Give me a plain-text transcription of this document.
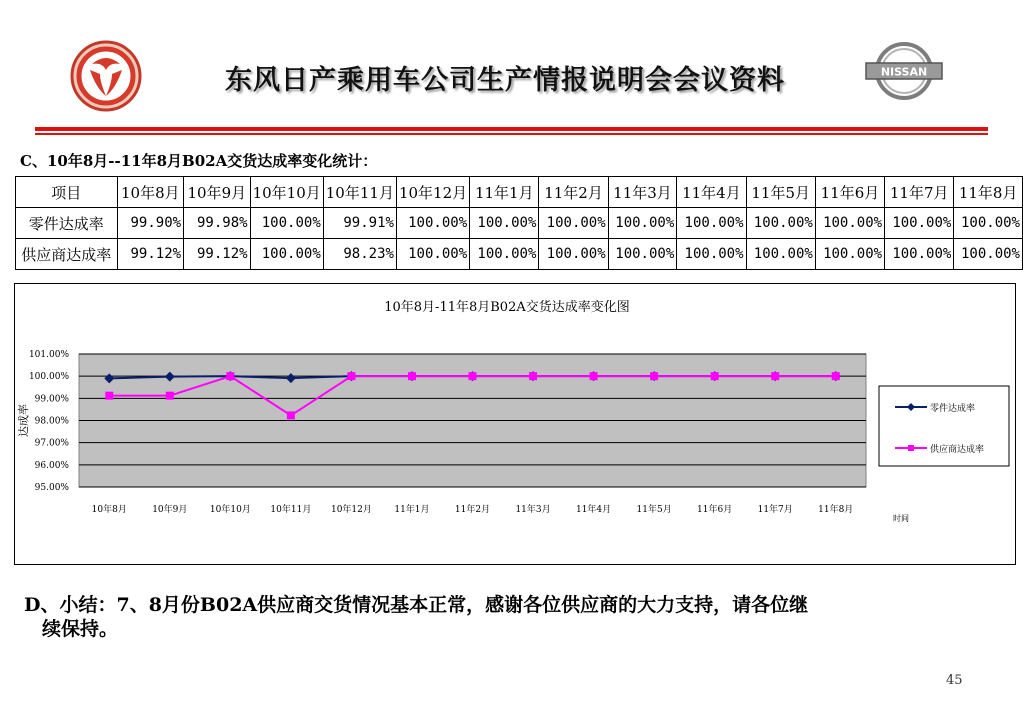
东风日产乘用车公司生产情报说明会会议资料	NISSAN
C、10年8月--11年8月B02A交货达成率变化统计：
项目	10年8月	10年9月	10年10月	10年11月	10年12月	11年1月	11年2月	11年3月	11年4月	11年5月	11年6月	11年7月	11年8月
零件达成率	99.90%	99.98%	100.00%	99.91%	100.00%	100.00%	100.00%	100.00%	100.00%	100.00%	100.00%	100.00%	100.00%
供应商达成率	99.12%	99.12%	100.00%	98.23%	100.00%	100.00%	100.00%	100.00%	100.00%	100.00%	100.00%	100.00%	100.00%
10年8月-11年8月B02A交货达成率变化图
101.00%
100.00%
99.00%
98.00%
97.00%
96.00%
95.00%
达成率
10年8月	10年9月 10年10月 10年11月 10年12月 11年1月	11年2月	11年3月	11年4月	11年5月	11年6月	11年7月	11年8月
时间
零件达成率
供应商达成率
D、小结：7、8月份B02A供应商交货情况基本正常，感谢各位供应商的大力支持，请各位继
续保持。
45
